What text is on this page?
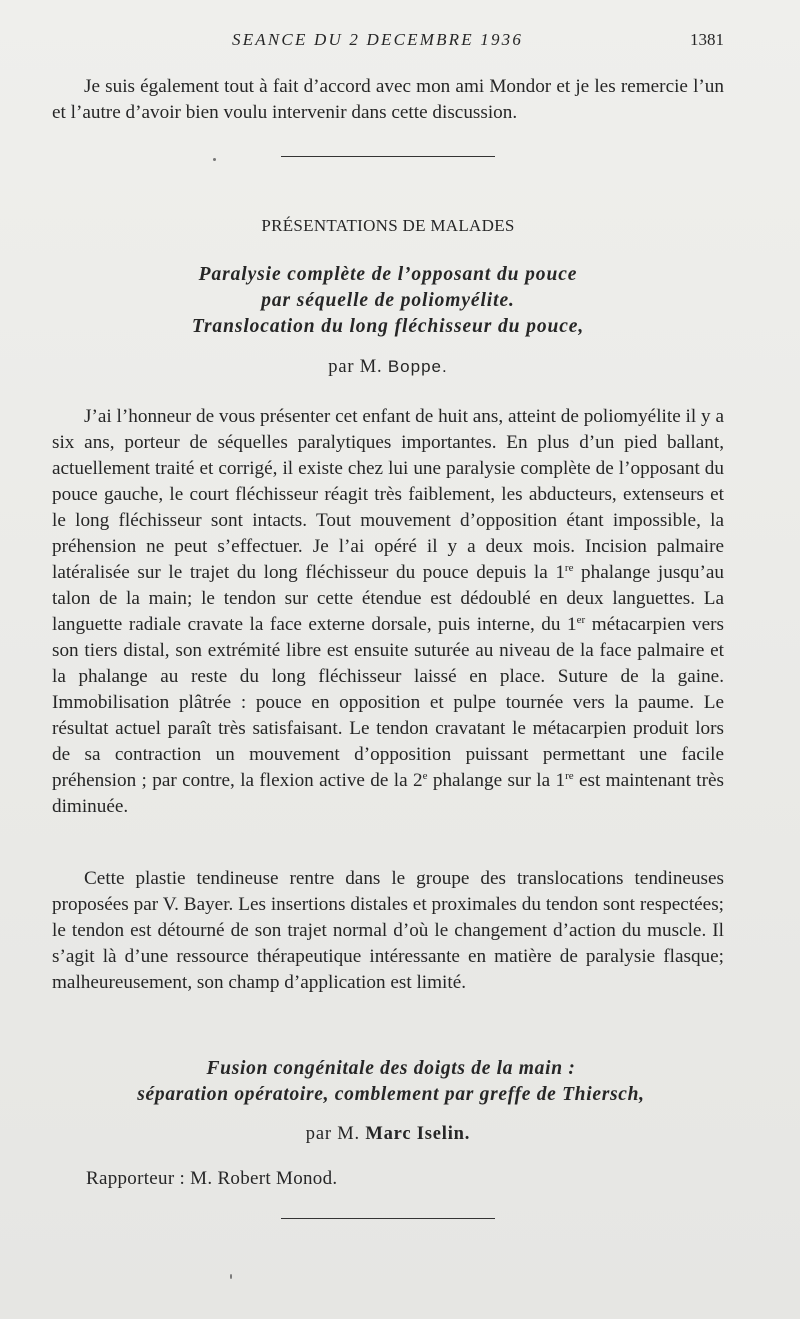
SEANCE DU 2 DECEMBRE 1936	1381

Je suis également tout à fait d’accord avec mon ami Mondor et je les remercie l’un et l’autre d’avoir bien voulu intervenir dans cette discussion.

PRÉSENTATIONS DE MALADES
Paralysie complète de l’opposant du pouce
par séquelle de poliomyélite.
Translocation du long fléchisseur du pouce,
par M. Boppe.

J’ai l’honneur de vous présenter cet enfant de huit ans, atteint de poliomyélite il y a six ans, porteur de séquelles paralytiques importantes. En plus d’un pied ballant, actuellement traité et corrigé, il existe chez lui une paralysie complète de l’opposant du pouce gauche, le court fléchisseur réagit très faiblement, les abducteurs, extenseurs et le long fléchisseur sont intacts. Tout mouvement d’opposition étant impossible, la préhension ne peut s’effectuer. Je l’ai opéré il y a deux mois. Incision palmaire latéralisée sur le trajet du long fléchisseur du pouce depuis la 1re phalange jusqu’au talon de la main; le tendon sur cette étendue est dédoublé en deux languettes. La languette radiale cravate la face externe dorsale, puis interne, du 1er métacarpien vers son tiers distal, son extrémité libre est ensuite suturée au niveau de la face palmaire et la phalange au reste du long fléchisseur laissé en place. Suture de la gaine. Immobilisation plâtrée : pouce en opposition et pulpe tournée vers la paume. Le résultat actuel paraît très satisfaisant. Le tendon cravatant le métacarpien produit lors de sa contraction un mouvement d’opposition puissant permettant une facile préhension ; par contre, la flexion active de la 2e phalange sur la 1re est maintenant très diminuée.

Cette plastie tendineuse rentre dans le groupe des translocations tendineuses proposées par V. Bayer. Les insertions distales et proximales du tendon sont respectées; le tendon est détourné de son trajet normal d’où le changement d’action du muscle. Il s’agit là d’une ressource thérapeutique intéressante en matière de paralysie flasque; malheureusement, son champ d’application est limité.

Fusion congénitale des doigts de la main :
séparation opératoire, comblement par greffe de Thiersch,
par M. Marc Iselin.
Rapporteur : M. Robert Monod.
